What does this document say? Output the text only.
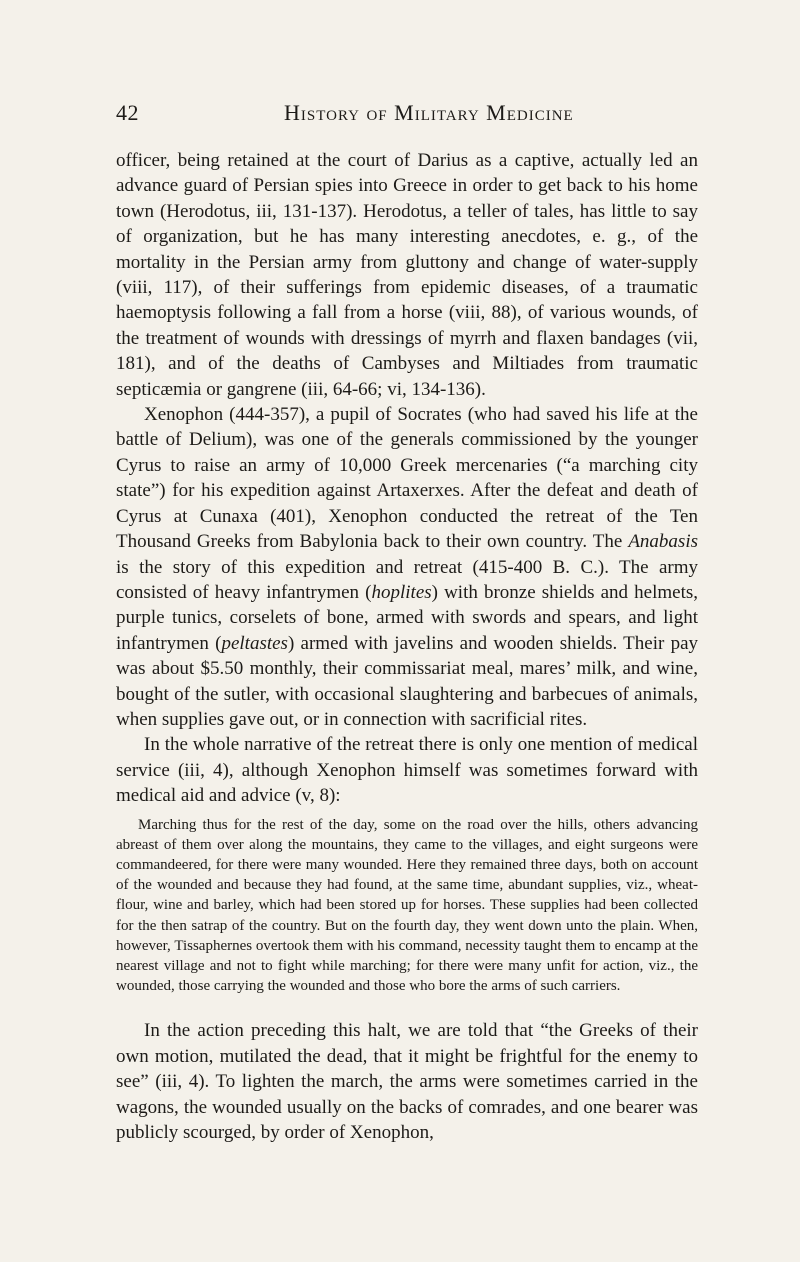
42	History of Military Medicine

officer, being retained at the court of Darius as a captive, actually led an advance guard of Persian spies into Greece in order to get back to his home town (Herodotus, iii, 131-137). Herodotus, a teller of tales, has little to say of organization, but he has many interesting anecdotes, e. g., of the mortality in the Persian army from gluttony and change of water-supply (viii, 117), of their sufferings from epidemic diseases, of a traumatic haemoptysis following a fall from a horse (viii, 88), of various wounds, of the treatment of wounds with dressings of myrrh and flaxen bandages (vii, 181), and of the deaths of Cambyses and Miltiades from traumatic septicæmia or gangrene (iii, 64-66; vi, 134-136).

Xenophon (444-357), a pupil of Socrates (who had saved his life at the battle of Delium), was one of the generals commissioned by the younger Cyrus to raise an army of 10,000 Greek mercenaries (“a marching city state”) for his expedition against Artaxerxes. After the defeat and death of Cyrus at Cunaxa (401), Xenophon conducted the retreat of the Ten Thousand Greeks from Babylonia back to their own country. The Anabasis is the story of this expedition and retreat (415-400 B. C.). The army consisted of heavy infantrymen (hoplites) with bronze shields and helmets, purple tunics, corselets of bone, armed with swords and spears, and light infantrymen (peltastes) armed with javelins and wooden shields. Their pay was about $5.50 monthly, their commissariat meal, mares’ milk, and wine, bought of the sutler, with occasional slaughtering and barbecues of animals, when supplies gave out, or in connection with sacrificial rites.

In the whole narrative of the retreat there is only one mention of medical service (iii, 4), although Xenophon himself was sometimes forward with medical aid and advice (v, 8):

Marching thus for the rest of the day, some on the road over the hills, others advancing abreast of them over along the mountains, they came to the villages, and eight surgeons were commandeered, for there were many wounded. Here they remained three days, both on account of the wounded and because they had found, at the same time, abundant supplies, viz., wheat-flour, wine and barley, which had been stored up for horses. These supplies had been collected for the then satrap of the country. But on the fourth day, they went down unto the plain. When, however, Tissaphernes overtook them with his command, necessity taught them to encamp at the nearest village and not to fight while marching; for there were many unfit for action, viz., the wounded, those carrying the wounded and those who bore the arms of such carriers.

In the action preceding this halt, we are told that “the Greeks of their own motion, mutilated the dead, that it might be frightful for the enemy to see” (iii, 4). To lighten the march, the arms were sometimes carried in the wagons, the wounded usually on the backs of comrades, and one bearer was publicly scourged, by order of Xenophon,
